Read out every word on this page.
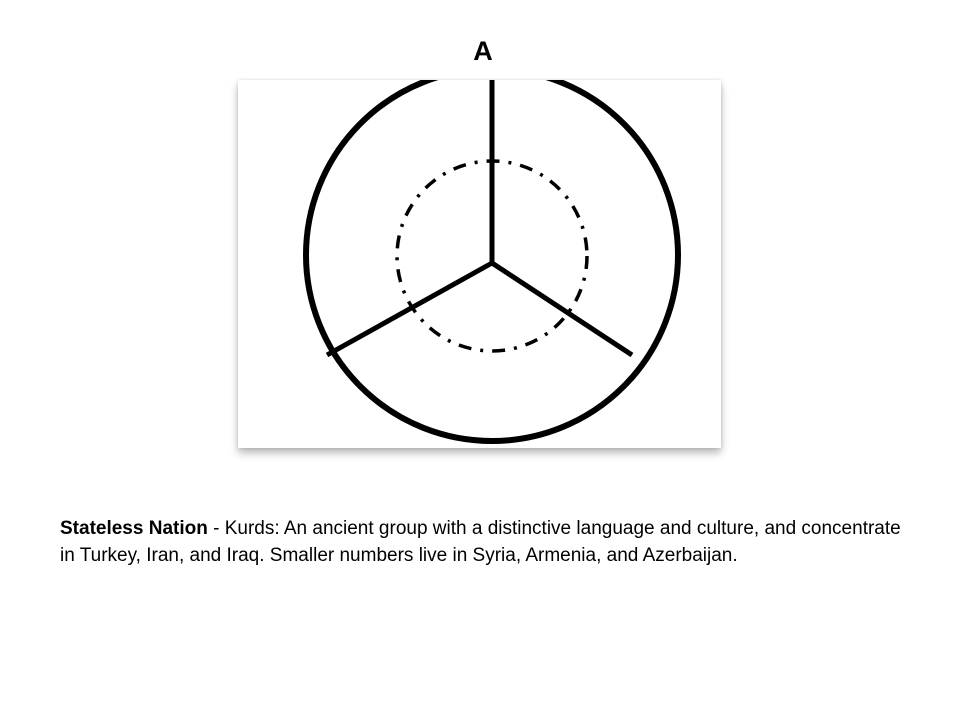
A
Stateless Nation - Kurds: An ancient group with a distinctive language and culture, and concentrate in Turkey, Iran, and Iraq. Smaller numbers live in Syria, Armenia, and Azerbaijan.
